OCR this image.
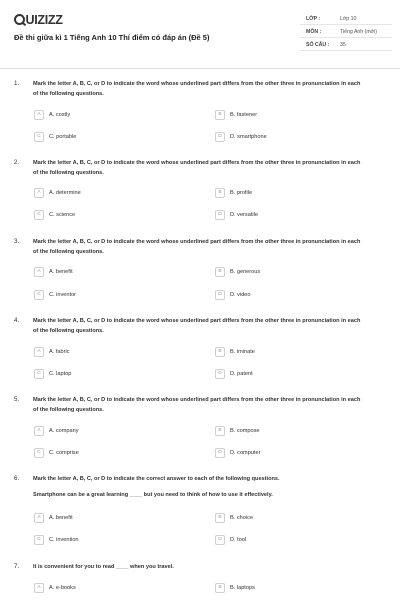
UIZIZZ
Đề thi giữa kì 1 Tiếng Anh 10 Thí điểm có đáp án (Đề 5)
LỚP :	Lớp 10
MÔN :	Tiếng Anh (mới)
SỐ CÂU : 35
1. Mark the letter A, B, C, or D to indicate the word whose underlined part differs from the other three in pronunciation in each of the following questions.
A	A. costly	B	B. fastener
C	C. portable	D	D. smartphone
2. Mark the letter A, B, C, or D to indicate the word whose underlined part differs from the other three in pronunciation in each of the following questions.
A	A. determine	B	B. profile
C	C. science	D	D. versatile
3. Mark the letter A, B, C, or D to indicate the word whose underlined part differs from the other three in pronunciation in each of the following questions.
A	A. benefit	B	B. generous
C	C. inventor	D	D. video
4. Mark the letter A, B, C, or D to indicate the word whose underlined part differs from the other three in pronunciation in each of the following questions.
A	A. fabric	B	B. iminate
C	C. laptop	D	D. patent
5. Mark the letter A, B, C, or D to indicate the word whose underlined part differs from the other three in pronunciation in each of the following questions.
A	A. company	B	B. compose
C	C. comprise	D	D. computer
6. Mark the letter A, B, C, or D to indicate the correct answer to each of the following questions.
Smartphone can be a great learning ____ but you need to think of how to use it effectively.
A	A. benefit	B	B. choice
C	C. invention	D	D. tool
7. It is convenient for you to read ____ when you travel.
A	A. e-books	B	B. laptops
